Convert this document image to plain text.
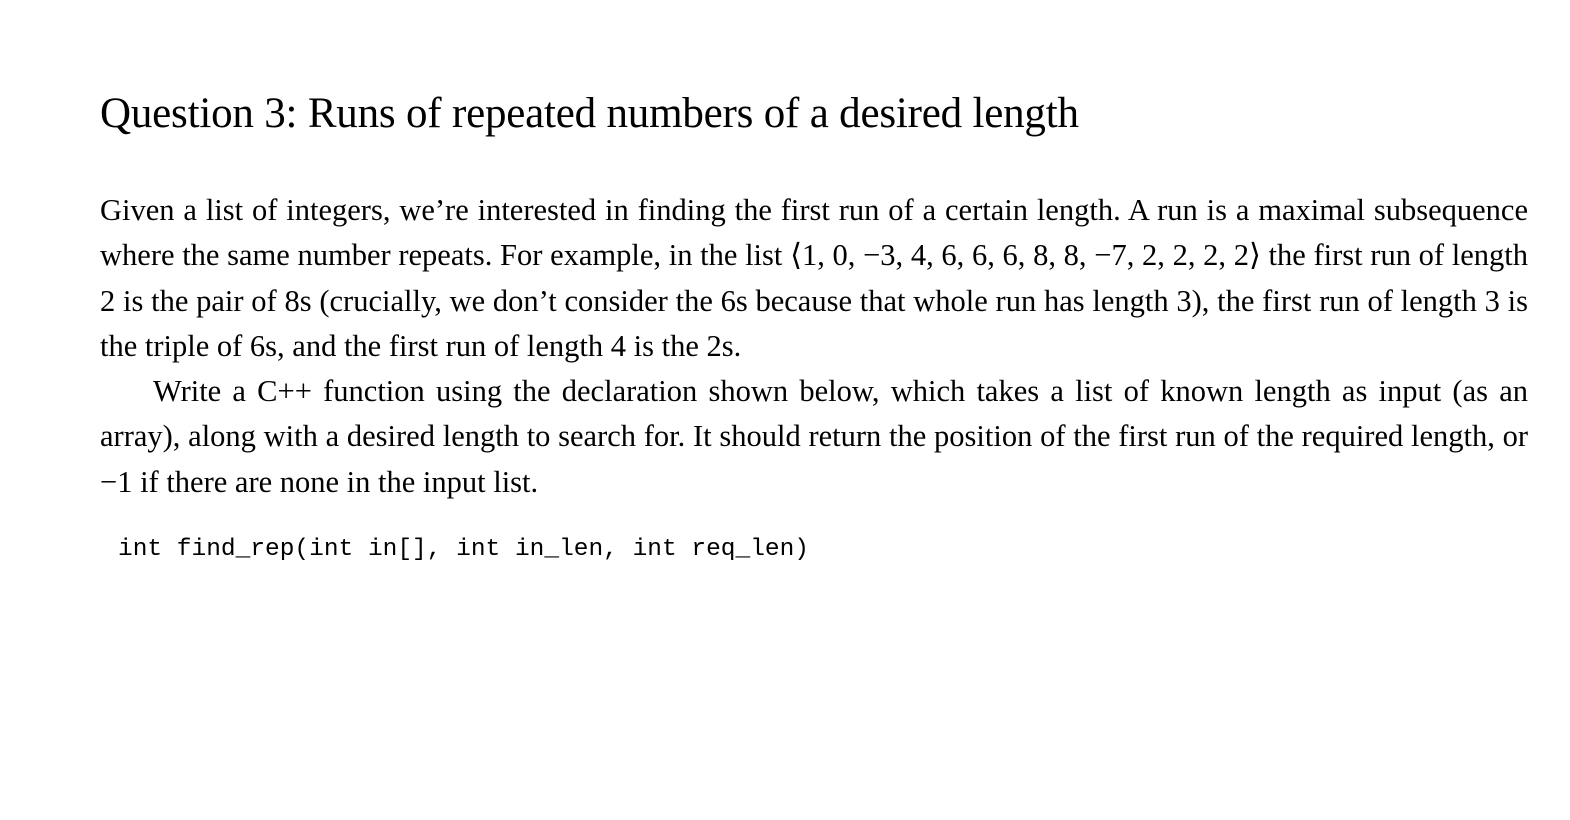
Question 3: Runs of repeated numbers of a desired length

Given a list of integers, we’re interested in finding the first run of a certain length. A run is a maximal subsequence where the same number repeats. For example, in the list ⟨1, 0, −3, 4, 6, 6, 6, 8, 8, −7, 2, 2, 2, 2⟩ the first run of length 2 is the pair of 8s (crucially, we don’t consider the 6s because that whole run has length 3), the first run of length 3 is the triple of 6s, and the first run of length 4 is the 2s.

Write a C++ function using the declaration shown below, which takes a list of known length as input (as an array), along with a desired length to search for. It should return the position of the first run of the required length, or −1 if there are none in the input list.

int find_rep(int in[], int in_len, int req_len)
